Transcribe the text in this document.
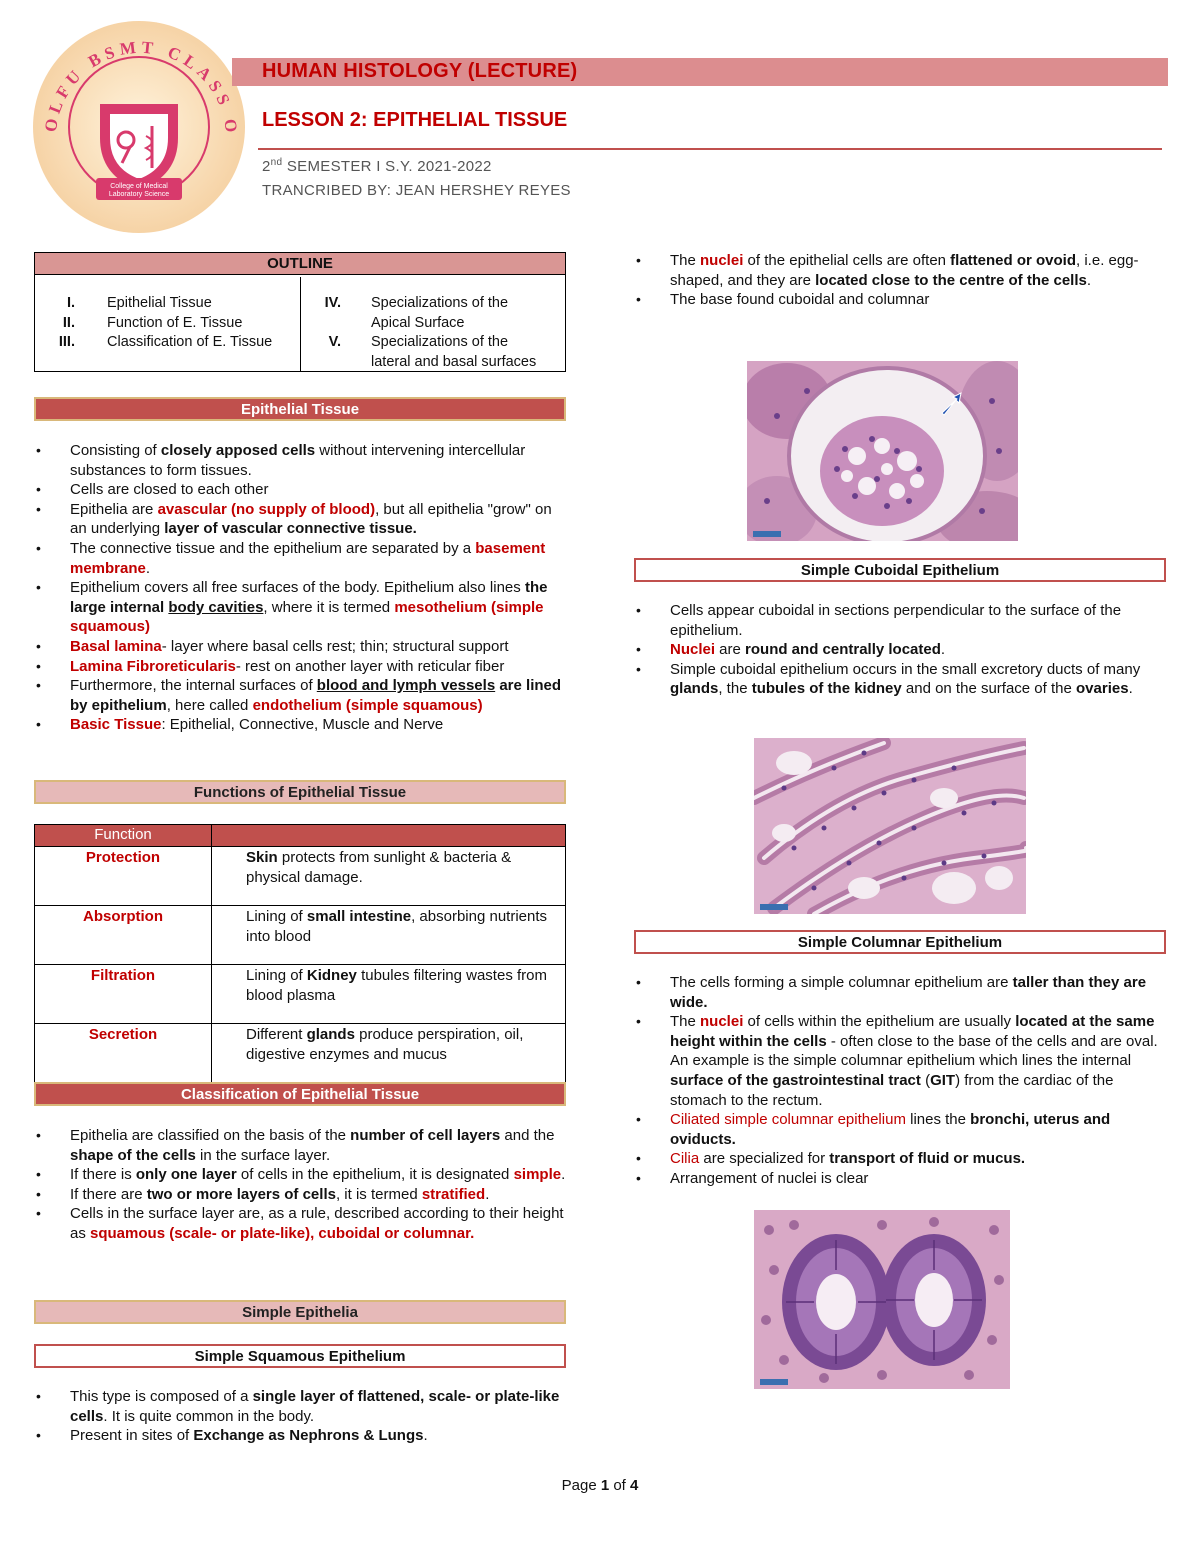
OLFU BSMT CLASS O
College of Medical
Laboratory Science
HUMAN HISTOLOGY (LECTURE)
LESSON 2: EPITHELIAL TISSUE
2nd SEMESTER I S.Y. 2021-2022
TRANCRIBED BY: JEAN HERSHEY REYES
OUTLINE
I.	Epithelial Tissue
II.	Function of E. Tissue
III.	Classification of E. Tissue
IV.	Specializations of the
Apical Surface
V.	Specializations of the
lateral and basal surfaces
Epithelial Tissue
• Consisting of closely apposed cells without intervening intercellular substances to form tissues.
• Cells are closed to each other
• Epithelia are avascular (no supply of blood), but all epithelia "grow" on an underlying layer of vascular connective tissue.
• The connective tissue and the epithelium are separated by a basement membrane.
• Epithelium covers all free surfaces of the body. Epithelium also lines the large internal body cavities, where it is termed mesothelium (simple squamous)
• Basal lamina- layer where basal cells rest; thin; structural support
• Lamina Fibroreticularis- rest on another layer with reticular fiber
• Furthermore, the internal surfaces of blood and lymph vessels are lined by epithelium, here called endothelium (simple squamous)
• Basic Tissue: Epithelial, Connective, Muscle and Nerve
Functions of Epithelial Tissue
Function	
Protection	Skin protects from sunlight & bacteria & physical damage.
Absorption	Lining of small intestine, absorbing nutrients into blood
Filtration	Lining of Kidney tubules filtering wastes from blood plasma
Secretion	Different glands produce perspiration, oil, digestive enzymes and mucus
Classification of Epithelial Tissue
• Epithelia are classified on the basis of the number of cell layers and the shape of the cells in the surface layer.
• If there is only one layer of cells in the epithelium, it is designated simple.
• If there are two or more layers of cells, it is termed stratified.
• Cells in the surface layer are, as a rule, described according to their height as squamous (scale- or plate-like), cuboidal or columnar.
Simple Epithelia
Simple Squamous Epithelium
• This type is composed of a single layer of flattened, scale- or plate-like cells. It is quite common in the body.
• Present in sites of Exchange as Nephrons & Lungs.
• The nuclei of the epithelial cells are often flattened or ovoid, i.e. egg-shaped, and they are located close to the centre of the cells.
• The base found cuboidal and columnar
Simple Cuboidal Epithelium
• Cells appear cuboidal in sections perpendicular to the surface of the epithelium.
• Nuclei are round and centrally located.
• Simple cuboidal epithelium occurs in the small excretory ducts of many glands, the tubules of the kidney and on the surface of the ovaries.
Simple Columnar Epithelium
• The cells forming a simple columnar epithelium are taller than they are wide.
• The nuclei of cells within the epithelium are usually located at the same height within the cells - often close to the base of the cells and are oval. An example is the simple columnar epithelium which lines the internal surface of the gastrointestinal tract (GIT) from the cardiac of the stomach to the rectum.
• Ciliated simple columnar epithelium lines the bronchi, uterus and oviducts.
• Cilia are specialized for transport of fluid or mucus.
• Arrangement of nuclei is clear
Page 1 of 4
